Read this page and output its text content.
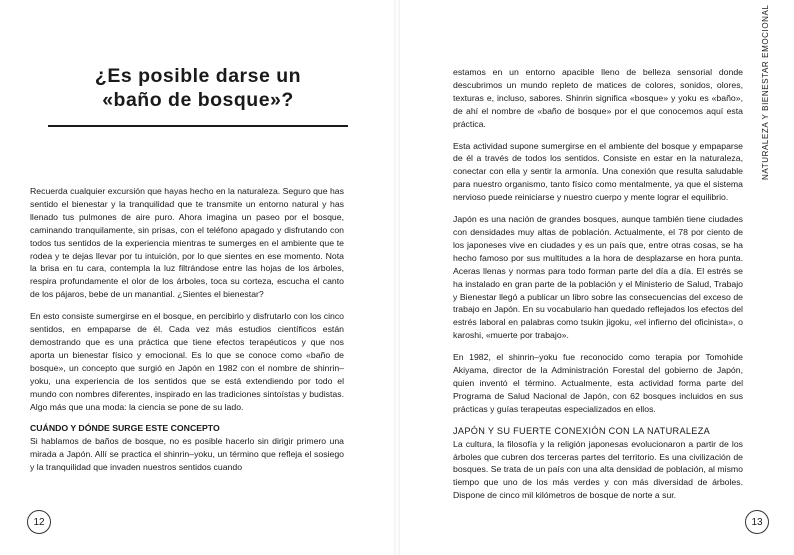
¿Es posible darse un
«baño de bosque»?

Recuerda cualquier excursión que hayas hecho en la naturaleza. Seguro que has sentido el bienestar y la tranquilidad que te transmite un entorno natural y has llenado tus pulmones de aire puro. Ahora imagina un paseo por el bosque, caminando tranquilamente, sin prisas, con el teléfono apagado y disfrutando con todos tus sentidos de la experiencia mientras te sumerges en el ambiente que te rodea y te dejas llevar por tu intuición, por lo que sientes en ese momento. Nota la brisa en tu cara, contempla la luz filtrándose entre las hojas de los árboles, respira profundamente el olor de los árboles, toca su corteza, escucha el canto de los pájaros, bebe de un manantial. ¿Sientes el bienestar?

En esto consiste sumergirse en el bosque, en percibirlo y disfrutarlo con los cinco sentidos, en empaparse de él. Cada vez más estudios científicos están demostrando que es una práctica que tiene efectos terapéuticos y que nos aporta un bienestar físico y emocional. Es lo que se conoce como «baño de bosque», un concepto que surgió en Japón en 1982 con el nombre de shinrin–yoku, una experiencia de los sentidos que se está extendiendo por todo el mundo con nombres diferentes, inspirado en las tradiciones sintoístas y budistas. Algo más que una moda: la ciencia se pone de su lado.

CUÁNDO Y DÓNDE SURGE ESTE CONCEPTO

Si hablamos de baños de bosque, no es posible hacerlo sin dirigir primero una mirada a Japón. Allí se practica el shinrin–yoku, un término que refleja el sosiego y la tranquilidad que invaden nuestros sentidos cuando

12

estamos en un entorno apacible lleno de belleza sensorial donde descubrimos un mundo repleto de matices de colores, sonidos, olores, texturas e, incluso, sabores. Shinrin significa «bosque» y yoku es «baño», de ahí el nombre de «baño de bosque» por el que conocemos aquí esta práctica.

Esta actividad supone sumergirse en el ambiente del bosque y empaparse de él a través de todos los sentidos. Consiste en estar en la naturaleza, conectar con ella y sentir la armonía. Una conexión que resulta saludable para nuestro organismo, tanto físico como mentalmente, ya que el sistema nervioso puede reiniciarse y nuestro cuerpo y mente lograr el equilibrio.

Japón es una nación de grandes bosques, aunque también tiene ciudades con densidades muy altas de población. Actualmente, el 78 por ciento de los japoneses vive en ciudades y es un país que, entre otras cosas, se ha hecho famoso por sus multitudes a la hora de desplazarse en hora punta. Aceras llenas y normas para todo forman parte del día a día. El estrés se ha instalado en gran parte de la población y el Ministerio de Salud, Trabajo y Bienestar llegó a publicar un libro sobre las consecuencias del exceso de trabajo en Japón. En su vocabulario han quedado reflejados los efectos del estrés laboral en palabras como tsukin jigoku, «el infierno del oficinista», o karoshi, «muerte por trabajo».

En 1982, el shinrin–yoku fue reconocido como terapia por Tomohide Akiyama, director de la Administración Forestal del gobierno de Japón, quien inventó el término. Actualmente, esta actividad forma parte del Programa de Salud Nacional de Japón, con 62 bosques incluidos en sus prácticas y guías terapeutas especializados en ellos.

JAPÓN Y SU FUERTE CONEXIÓN CON LA NATURALEZA

La cultura, la filosofía y la religión japonesas evolucionaron a partir de los árboles que cubren dos terceras partes del territorio. Es una civilización de bosques. Se trata de un país con una alta densidad de población, al mismo tiempo que uno de los más verdes y con más diversidad de árboles. Dispone de cinco mil kilómetros de bosque de norte a sur.

NATURALEZA Y BIENESTAR EMOCIONAL
13
